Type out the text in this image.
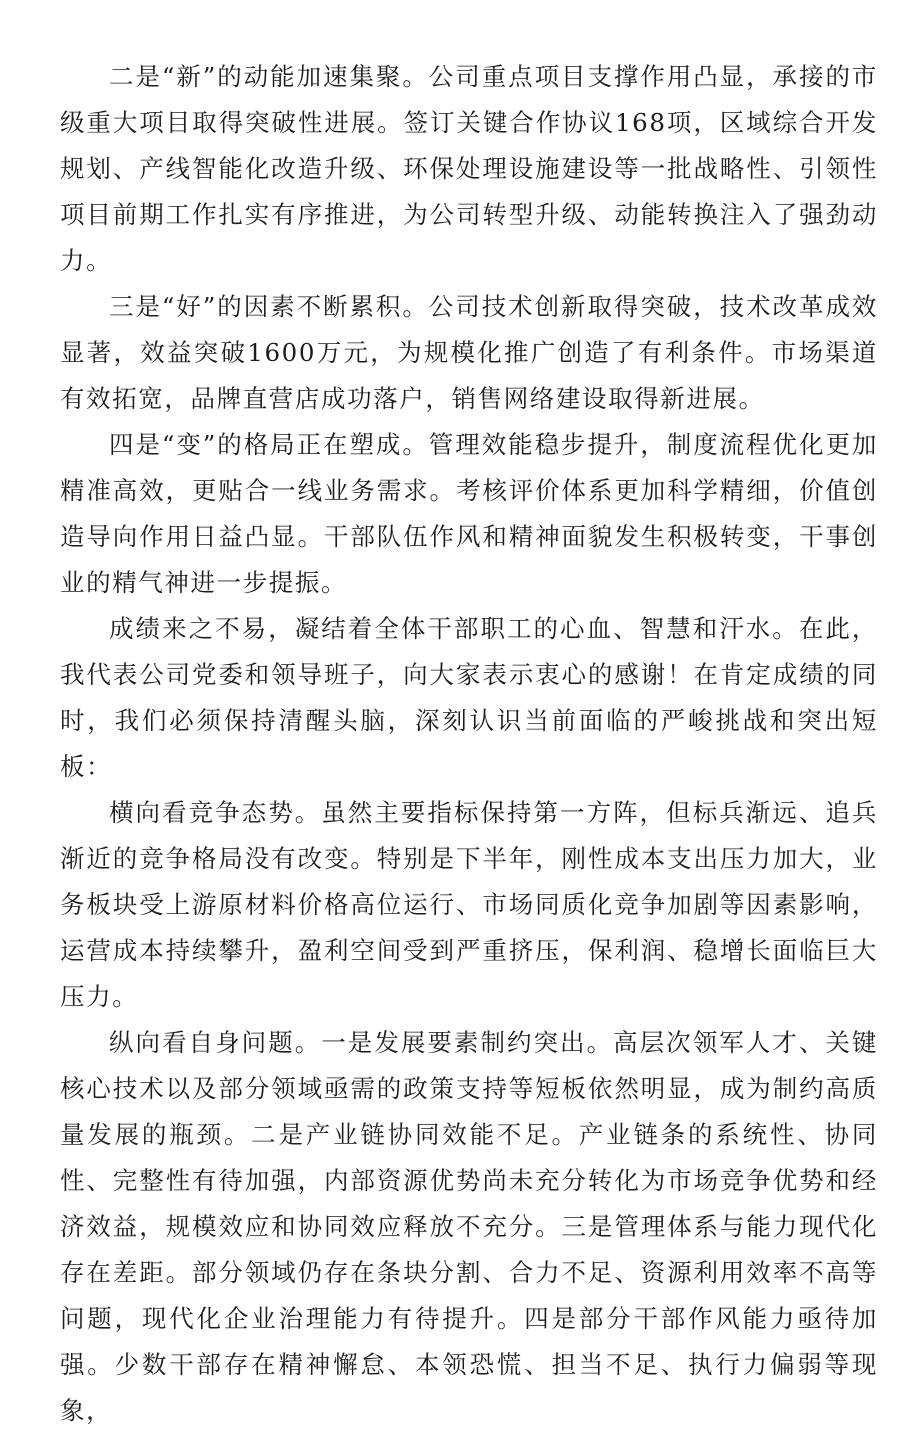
二是“新”的动能加速集聚。公司重点项目支撑作用凸显，承接的市级重大项目取得突破性进展。签订关键合作协议168项，区域综合开发规划、产线智能化改造升级、环保处理设施建设等一批战略性、引领性项目前期工作扎实有序推进，为公司转型升级、动能转换注入了强劲动力。

三是“好”的因素不断累积。公司技术创新取得突破，技术改革成效显著，效益突破1600万元，为规模化推广创造了有利条件。市场渠道有效拓宽，品牌直营店成功落户，销售网络建设取得新进展。

四是“变”的格局正在塑成。管理效能稳步提升，制度流程优化更加精准高效，更贴合一线业务需求。考核评价体系更加科学精细，价值创造导向作用日益凸显。干部队伍作风和精神面貌发生积极转变，干事创业的精气神进一步提振。

成绩来之不易，凝结着全体干部职工的心血、智慧和汗水。在此，我代表公司党委和领导班子，向大家表示衷心的感谢！在肯定成绩的同时，我们必须保持清醒头脑，深刻认识当前面临的严峻挑战和突出短板：

横向看竞争态势。虽然主要指标保持第一方阵，但标兵渐远、追兵渐近的竞争格局没有改变。特别是下半年，刚性成本支出压力加大，业务板块受上游原材料价格高位运行、市场同质化竞争加剧等因素影响，运营成本持续攀升，盈利空间受到严重挤压，保利润、稳增长面临巨大压力。

纵向看自身问题。一是发展要素制约突出。高层次领军人才、关键核心技术以及部分领域亟需的政策支持等短板依然明显，成为制约高质量发展的瓶颈。二是产业链协同效能不足。产业链条的系统性、协同性、完整性有待加强，内部资源优势尚未充分转化为市场竞争优势和经济效益，规模效应和协同效应释放不充分。三是管理体系与能力现代化存在差距。部分领域仍存在条块分割、合力不足、资源利用效率不高等问题，现代化企业治理能力有待提升。四是部分干部作风能力亟待加强。少数干部存在精神懈怠、本领恐慌、担当不足、执行力偏弱等现象，
